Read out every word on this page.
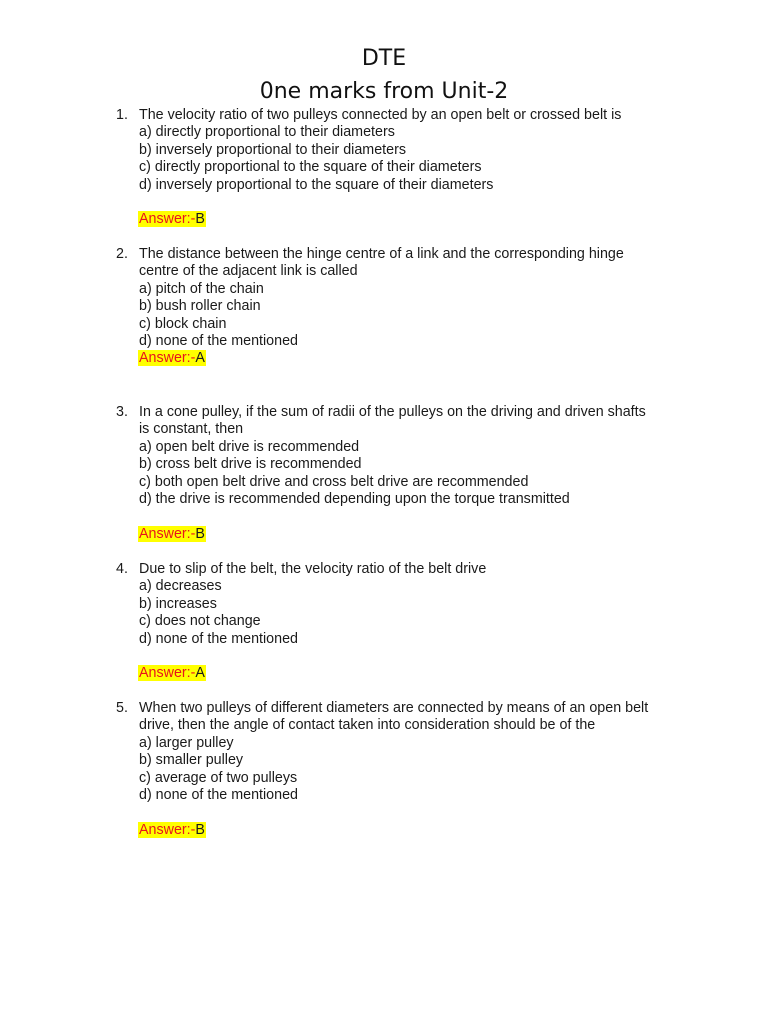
DTE
0ne marks from Unit-2
1. The velocity ratio of two pulleys connected by an open belt or crossed belt is
a) directly proportional to their diameters
b) inversely proportional to their diameters
c) directly proportional to the square of their diameters
d) inversely proportional to the square of their diameters
Answer:-B
2. The distance between the hinge centre of a link and the corresponding hinge
centre of the adjacent link is called
a) pitch of the chain
b) bush roller chain
c) block chain
d) none of the mentioned
Answer:-A
3. In a cone pulley, if the sum of radii of the pulleys on the driving and driven shafts
is constant, then
a) open belt drive is recommended
b) cross belt drive is recommended
c) both open belt drive and cross belt drive are recommended
d) the drive is recommended depending upon the torque transmitted
Answer:-B
4. Due to slip of the belt, the velocity ratio of the belt drive
a) decreases
b) increases
c) does not change
d) none of the mentioned
Answer:-A
5. When two pulleys of different diameters are connected by means of an open belt
drive, then the angle of contact taken into consideration should be of the
a) larger pulley
b) smaller pulley
c) average of two pulleys
d) none of the mentioned
Answer:-B
